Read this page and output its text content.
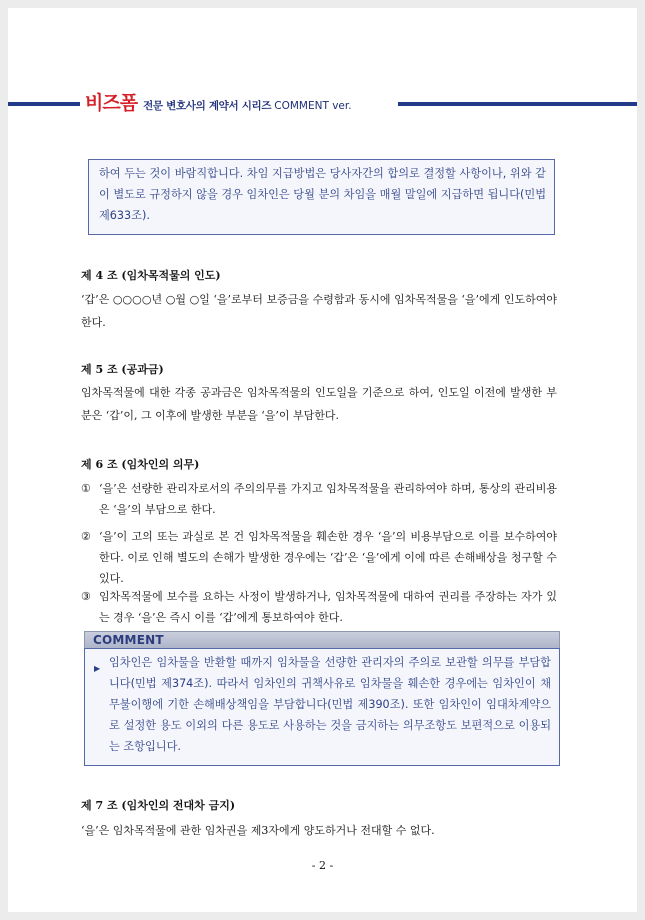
비즈폼 전문 변호사의 계약서 시리즈 COMMENT ver.
하여 두는 것이 바람직합니다. 차임 지급방법은 당사자간의 합의로 결정할 사항이나, 위와 같이 별도로 규정하지 않을 경우 임차인은 당월 분의 차임을 매월 말일에 지급하면 됩니다(민법 제633조).
제 4 조 (임차목적물의 인도)
‘갑’은 ○○○○년 ○월 ○일 ‘을’로부터 보증금을 수령함과 동시에 임차목적물을 ‘을’에게 인도하여야 한다.
제 5 조 (공과금)
임차목적물에 대한 각종 공과금은 임차목적물의 인도일을 기준으로 하여, 인도일 이전에 발생한 부분은 ‘갑’이, 그 이후에 발생한 부분을 ‘을’이 부담한다.
제 6 조 (임차인의 의무)
① ‘을’은 선량한 관리자로서의 주의의무를 가지고 임차목적물을 관리하여야 하며, 통상의 관리비용은 ‘을’의 부담으로 한다.
② ‘을’이 고의 또는 과실로 본 건 임차목적물을 훼손한 경우 ‘을’의 비용부담으로 이를 보수하여야 한다. 이로 인해 별도의 손해가 발생한 경우에는 ‘갑’은 ‘을’에게 이에 따른 손해배상을 청구할 수 있다.
③ 임차목적물에 보수를 요하는 사정이 발생하거나, 임차목적물에 대하여 권리를 주장하는 자가 있는 경우 ‘을’은 즉시 이를 ‘갑’에게 통보하여야 한다.
COMMENT
▶ 임차인은 임차물을 반환할 때까지 임차물을 선량한 관리자의 주의로 보관할 의무를 부담합니다(민법 제374조). 따라서 임차인의 귀책사유로 임차물을 훼손한 경우에는 임차인이 채무불이행에 기한 손해배상책임을 부담합니다(민법 제390조). 또한 임차인이 임대차계약으로 설정한 용도 이외의 다른 용도로 사용하는 것을 금지하는 의무조항도 보편적으로 이용되는 조항입니다.
제 7 조 (임차인의 전대차 금지)
‘을’은 임차목적물에 관한 임차권을 제3자에게 양도하거나 전대할 수 없다.
- 2 -
